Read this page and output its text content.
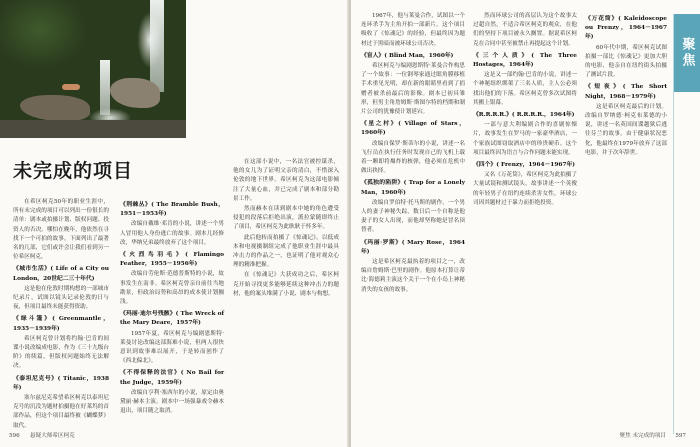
未完成的项目

在希区柯克50年的职业生涯中，所有未完成的项目可以列出一份很长的清单：剧本或拍摄计划、版权问题、投资人的否决。哪怕在晚年，他依然在寻找下一个可拍的故事。下面列出了最著名的几部，它们或许会让我们看到另一位希区柯克。

《城市生活》( Life of a City ou London，20世纪二三十年代)

这是他在伦敦时期构想的一部城市纪录片，试图以镜头记录伦敦的日与夜，但项目最终未能获得资助。

《绿斗篷》( Greenmantle，1935－1939年)

希区柯克曾计划将约翰·巴肯的间谍小说改编成电影，作为《三十九级台阶》的续篇，但版权问题始终无法解决。

《泰坦尼克号》( Titanic，1938年)

塞尔兹尼克希望希区柯克以泰坦尼克号的沉没为题材拍摄他在好莱坞的首部作品，但这个项目最终被《蝴蝶梦》取代。

《荆棘丛》( The Bramble Bush，1951－1953年)

改编自戴维·邓肯的小说，讲述一个男人冒用他人身份逃亡的故事。剧本几经修改，华纳兄弟最终放弃了这个项目。

《火烈鸟羽毛》( Flamingo Feather，1955－1956年)

改编自劳伦斯·范德普斯特的小说，故事发生在南非。希区柯克曾亲自前往当地勘景，但政治局势和高昂的成本使计划搁浅。

《玛丽·迪尔号残骸》( The Wreck of the Mary Deare，1957年)

1957年夏，希区柯克与编剧恩斯特·莱曼讨论改编这部海难小说，但两人很快意识到故事难以展开，于是转而创作了《西北偏北》。

《不得保释的法官》( No Bail for the Judge，1959年)

改编自亨利·塞西尔的小说，原定由奥黛丽·赫本主演。剧本中一场强暴戏令赫本退出，项目随之取消。

在这部小说中，一名法官被控谋杀，他的女儿为了证明父亲的清白，不惜深入伦敦的地下世界。希区柯克为这部电影倾注了大量心血，并已完成了剧本和部分勘景工作。

然而赫本在读到剧本中她的角色遭受侵犯的段落后拒绝出演，派拉蒙随即终止了项目，希区柯克为此耿耿于怀多年。

此后他转而拍摄了《惊魂记》，以低成本和电视摄制组完成了他职业生涯中最具冲击力的作品之一，也证明了他对观众心理的精准把握。

在《惊魂记》大获成功之后，希区柯克开始寻找更多能够延续这种冲击力的题材，他的案头堆满了小说、剧本与构想。

596 悬疑大师希区柯克

1967年，他与莱曼合作，试图以一个连环杀手为主角开拍一部新片。这个项目吸收了《惊魂记》的经验，但最终因为题材过于黑暗而被环球公司否决。

《盲人》( Blind Man，1960年)

希区柯克与编剧恩斯特·莱曼合作构思了一个故事：一位钢琴家通过眼角膜移植手术重见光明，却在新的眼睛里看到了捐赠者被杀前最后的影像。剧本已初具雏形，但男主角詹姆斯·斯图尔特的档期和制片公司的犹豫使计划延宕。

《星之村》( Village of Stars，1960年)

改编自保罗·斯蒂尔的小说，讲述一名飞行员在执行任务时发现自己的飞机上载着一颗即将爆炸的核弹，他必须在危机中做出抉择。

《孤独的陷阱》( Trap for a Lonely Man，1960年)

改编自罗伯特·托马斯的剧作，一个男人的妻子神秘失踪，数日后一个自称是他妻子的女人出现，而他却坚称她是冒名顶替者。

《玛丽·罗斯》( Mary Rose，1964年)

这是希区柯克最执着的项目之一，改编自詹姆斯·巴里的剧作。他原本打算让蒂比·海德莉主演这个关于一个在小岛上神秘消失的女孩的故事。

然而环球公司的高层认为这个故事太过超自然，不适合希区柯克的观众，在他们的坚持下项目被永久搁置。据说希区柯克在合同中甚至被禁止再提起这个计划。

《三个人质》( The Three Hostages，1964年)

这是又一部约翰·巴肯的小说，讲述一个神秘组织绑架了三名人质，主人公必须找出他们的下落。希区柯克曾多次试图将其搬上银幕。

《R.R.R.R.》( R.R.R.R.，1964年)

一部与意大利编剧合作的喜剧惊悚片，故事发生在罗马的一家豪华酒店，一个家族试图窃取酒店中的珍贵硬币。这个项目最终因为语言与合作问题未能实现。

《四个》( Frenzy，1964－1967年)

又名《万花筒》，希区柯克为此拍摄了大量试镜和测试镜头。故事讲述一个英俊的年轻男子在纽约连续杀害女性，环球公司因其题材过于暴力而拒绝投资。

《万花筒》( Kaleidoscope ou Frenzy，1964－1967年)

60年代中期，希区柯克试图拍摄一部比《惊魂记》更加大胆的电影，他亲自在纽约街头拍摄了测试片段。

《短夜》( The Short Night，1968－1979年)

这是希区柯克最后的计划。改编自罗纳德·柯克布莱德的小说，讲述一名英国间谍越狱后逃往芬兰的故事。由于健康状况恶化，他最终在1979年放弃了这部电影，并于次年辞世。

聚焦
聚焦 未完成的项目 597
